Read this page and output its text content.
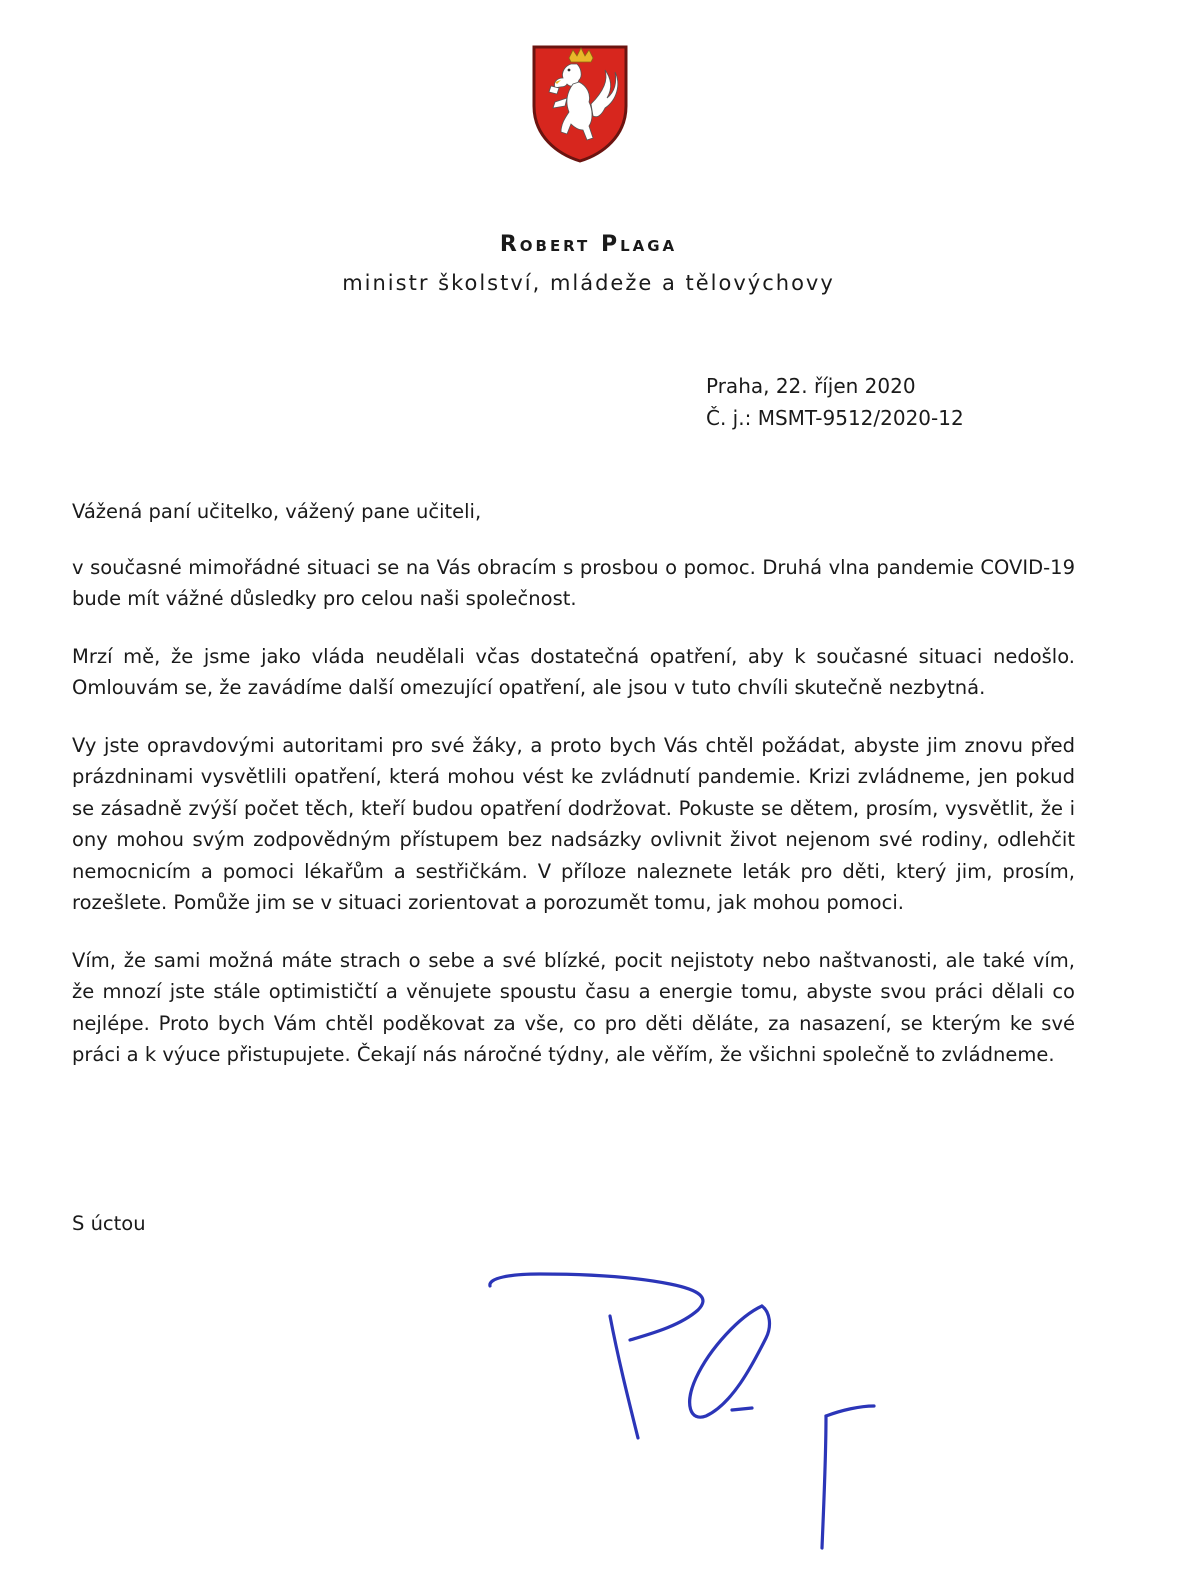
Robert Plaga
ministr školství, mládeže a tělovýchovy
Praha, 22. říjen 2020
Č. j.: MSMT-9512/2020-12

Vážená paní učitelko, vážený pane učiteli,

v současné mimořádné situaci se na Vás obracím s prosbou o pomoc. Druhá vlna pandemie COVID-19 bude mít vážné důsledky pro celou naši společnost.

Mrzí mě, že jsme jako vláda neudělali včas dostatečná opatření, aby k současné situaci nedošlo. Omlouvám se, že zavádíme další omezující opatření, ale jsou v tuto chvíli skutečně nezbytná.

Vy jste opravdovými autoritami pro své žáky, a proto bych Vás chtěl požádat, abyste jim znovu před prázdninami vysvětlili opatření, která mohou vést ke zvládnutí pandemie. Krizi zvládneme, jen pokud se zásadně zvýší počet těch, kteří budou opatření dodržovat. Pokuste se dětem, prosím, vysvětlit, že i ony mohou svým zodpovědným přístupem bez nadsázky ovlivnit život nejenom své rodiny, odlehčit nemocnicím a pomoci lékařům a sestřičkám. V příloze naleznete leták pro děti, který jim, prosím, rozešlete. Pomůže jim se v situaci zorientovat a porozumět tomu, jak mohou pomoci.

Vím, že sami možná máte strach o sebe a své blízké, pocit nejistoty nebo naštvanosti, ale také vím, že mnozí jste stále optimističtí a věnujete spoustu času a energie tomu, abyste svou práci dělali co nejlépe. Proto bych Vám chtěl poděkovat za vše, co pro děti děláte, za nasazení, se kterým ke své práci a k výuce přistupujete. Čekají nás náročné týdny, ale věřím, že všichni společně to zvládneme.

S úctou
